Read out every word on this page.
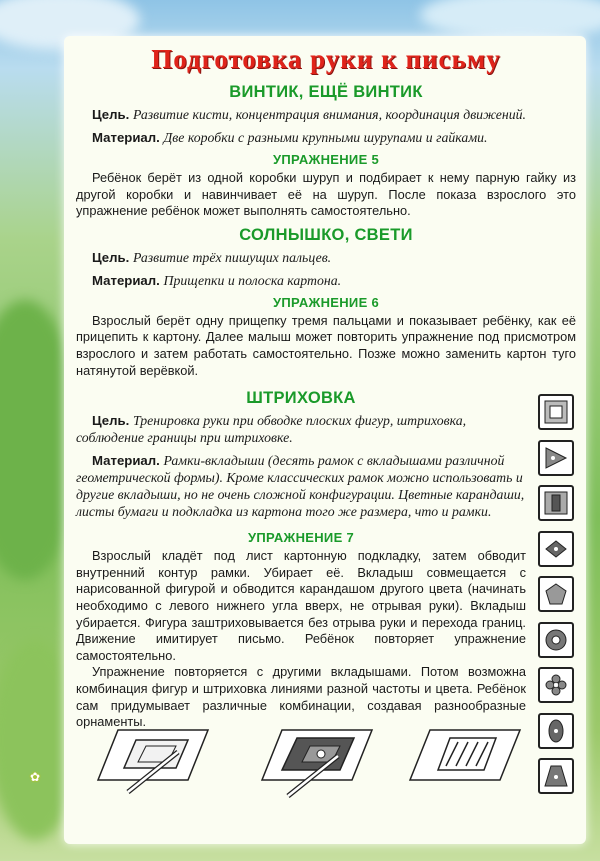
✿
Подготовка руки к письму
ВИНТИК, ЕЩЁ ВИНТИК

Цель. Развитие кисти, концентрация внимания, координация движений.

Материал. Две коробки с разными крупными шурупами и гайками.

УПРАЖНЕНИЕ 5

Ребёнок берёт из одной коробки шуруп и подбирает к нему парную гайку из другой коробки и навинчивает её на шуруп. После показа взрослого это упражнение ребёнок может выполнять самостоятельно.

СОЛНЫШКО, СВЕТИ

Цель. Развитие трёх пишущих пальцев.

Материал. Прищепки и полоска картона.

УПРАЖНЕНИЕ 6

Взрослый берёт одну прищепку тремя пальцами и показывает ребёнку, как её прицепить к картону. Далее малыш может повторить упражнение под присмотром взрослого и затем работать самостоятельно. Позже можно заменить картон туго натянутой верёвкой.

ШТРИХОВКА

Цель. Тренировка руки при обводке плоских фигур, штриховка, соблюдение границы при штриховке.

Материал. Рамки-вкладыши (десять рамок с вкладышами различной геометрической формы). Кроме классических рамок можно использовать и другие вкладыши, но не очень сложной конфигурации. Цветные карандаши, листы бумаги и подкладка из картона того же размера, что и рамки.

УПРАЖНЕНИЕ 7

Взрослый кладёт под лист картонную подкладку, затем обводит внутренний контур рамки. Убирает её. Вкладыш совмещается с нарисованной фигурой и обводится карандашом другого цвета (начинать необходимо с левого нижнего угла вверх, не отрывая руки). Вкладыш убирается. Фигура заштриховывается без отрыва руки и перехода границ. Движение имитирует письмо. Ребёнок повторяет упражнение самостоятельно.

Упражнение повторяется с другими вкладышами. Потом возможна комбинация фигур и штриховка линиями разной частоты и цвета. Ребёнок сам придумывает различные комбинации, создавая разнообразные орнаменты.
